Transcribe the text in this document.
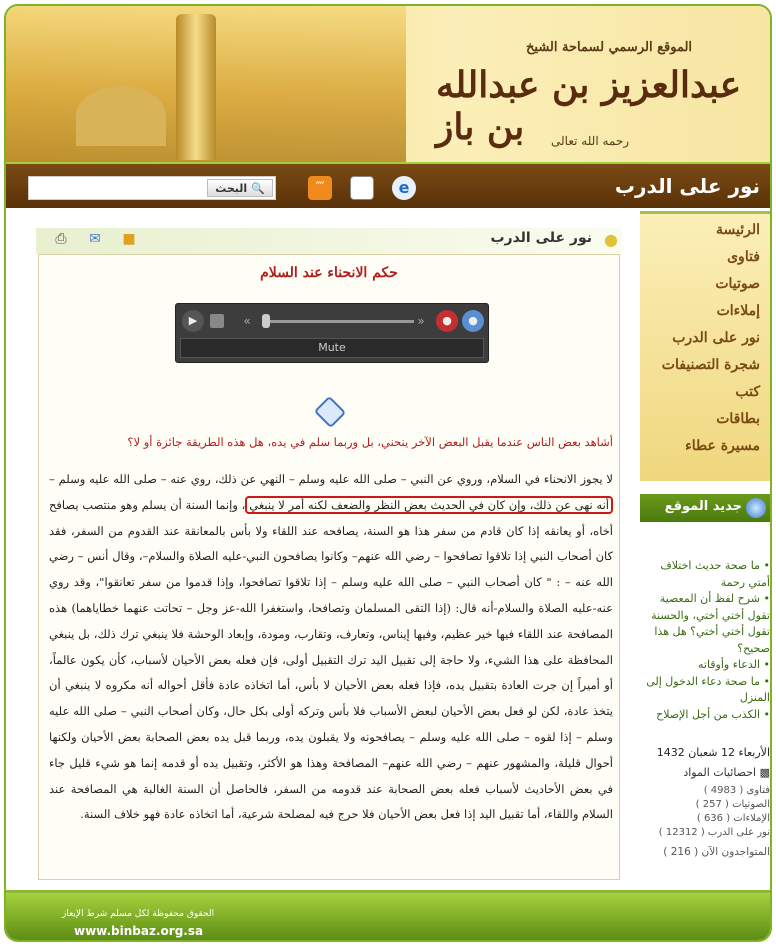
الموقع الرسمي لسماحة الشيخ
عبدالعزيز بن عبدالله بن باز	رحمه الله تعالى
نور على الدرب
البحث 🔍	⁗	e
●
نور على الدرب
⎙	✉	■
حكم الانحناء عند السلام
▶	«	»	●	●
Mute
أشاهد بعض الناس عندما يقبل البعض الآخر ينحني، بل وربما سلم في يده، هل هذه الطريقة جائزة أو لا؟
لا يجوز الانحناء في السلام، وروي عن النبي – صلى الله عليه وسلم – النهي عن ذلك، روي عنه – صلى الله عليه وسلم – أنه نهى عن ذلك، وإن كان في الحديث بعض النظر والضعف لكنه أمر لا ينبغي، وإنما السنة أن يسلم وهو منتصب يصافح أخاه، أو يعانقه إذا كان قادم من سفر هذا هو السنة، يصافحه عند اللقاء ولا بأس بالمعانقة عند القدوم من السفر، فقد كان أصحاب النبي إذا تلاقوا تصافحوا – رضي الله عنهم– وكانوا يصافحون النبي-عليه الصلاة والسلام–، وقال أنس – رضي الله عنه – : " كان أصحاب النبي – صلى الله عليه وسلم – إذا تلاقوا تصافحوا، وإذا قدموا من سفر تعانقوا"، وقد روي عنه-عليه الصلاة والسلام-أنه قال: (إذا التقى المسلمان وتصافحا، واستغفرا الله-عز وجل – تحاتت عنهما خطاياهما) هذه المصافحة عند اللقاء فيها خير عظيم، وفيها إيناس، وتعارف، وتقارب، ومودة، وإبعاد الوحشة فلا ينبغي ترك ذلك، بل ينبغي المحافظة على هذا الشيء، ولا حاجة إلى تقبيل اليد ترك التقبيل أولى، فإن فعله بعض الأحيان لأسباب، كأن يكون عالماً، أو أميراً إن جرت العادة بتقبيل يده، فإذا فعله بعض الأحيان لا بأس، أما اتخاذه عادة فأقل أحواله أنه مكروه لا ينبغي أن يتخذ عادة، لكن لو فعل بعض الأحيان لبعض الأسباب فلا بأس وتركه أولى بكل حال، وكان أصحاب النبي – صلى الله عليه وسلم – إذا لقوه – صلى الله عليه وسلم – يصافحونه ولا يقبلون يده، وربما قبل يده بعض الصحابة بعض الأحيان ولكنها أحوال قليلة، والمشهور عنهم – رضي الله عنهم– المصافحة وهذا هو الأكثر، وتقبيل يده أو قدمه إنما هو شيء قليل جاء في بعض الأحاديث لأسباب فعله بعض الصحابة عند قدومه من السفر، فالحاصل أن السنة الغالبة هي المصافحة عند السلام واللقاء، أما تقبيل اليد إذا فعل بعض الأحيان فلا حرج فيه لمصلحة شرعية، أما اتخاذه عادة فهو خلاف السنة.
الرئيسة
فتاوى
صوتيات
إملاءات
نور على الدرب
شجرة التصنيفات
كتب
بطاقات
مسيرة عطاء
جديد الموقع
• ما صحة حديث اختلاف أمتي رحمة
• شرح لفظ أن المعصية تقول أختي أختي، والحسنة تقول أختي أختي؟ هل هذا صحيح؟
• الدعاء وأوقاته
• ما صحة دعاء الدخول إلى المنزل
• الكذب من أجل الإصلاح
الأربعاء 12 شعبان 1432
▩ احصائيات المواد
فتاوى ( 4983 )
الصوتيات ( 257 )
الإملاءات ( 636 )
نور على الدرب ( 12312 )
المتواجدون الآن ( 216 )
الحقوق محفوظة لكل مسلم شرط الإيعاز
www.binbaz.org.sa
